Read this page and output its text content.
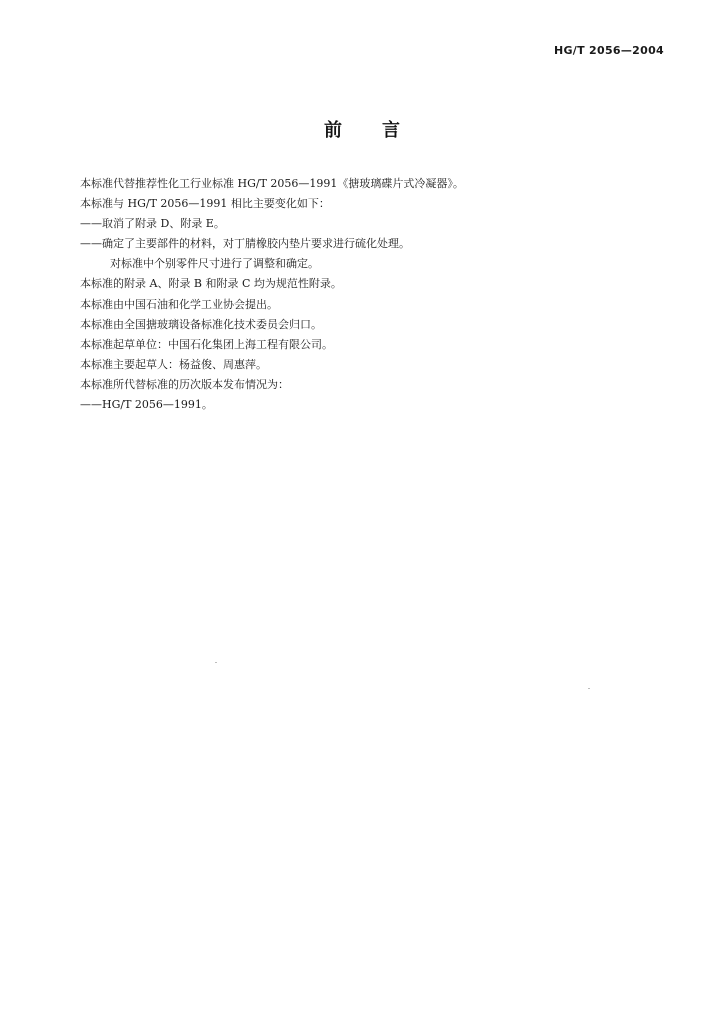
HG/T 2056—2004
前言
本标准代替推荐性化工行业标准 HG/T 2056—1991《搪玻璃碟片式冷凝器》。
本标准与 HG/T 2056—1991 相比主要变化如下：
——取消了附录 D、附录 E。
——确定了主要部件的材料，对丁腈橡胶内垫片要求进行硫化处理。
对标准中个别零件尺寸进行了调整和确定。
本标准的附录 A、附录 B 和附录 C 均为规范性附录。
本标准由中国石油和化学工业协会提出。
本标准由全国搪玻璃设备标准化技术委员会归口。
本标准起草单位：中国石化集团上海工程有限公司。
本标准主要起草人：杨益俊、周惠萍。
本标准所代替标准的历次版本发布情况为：
——HG/T 2056—1991。
